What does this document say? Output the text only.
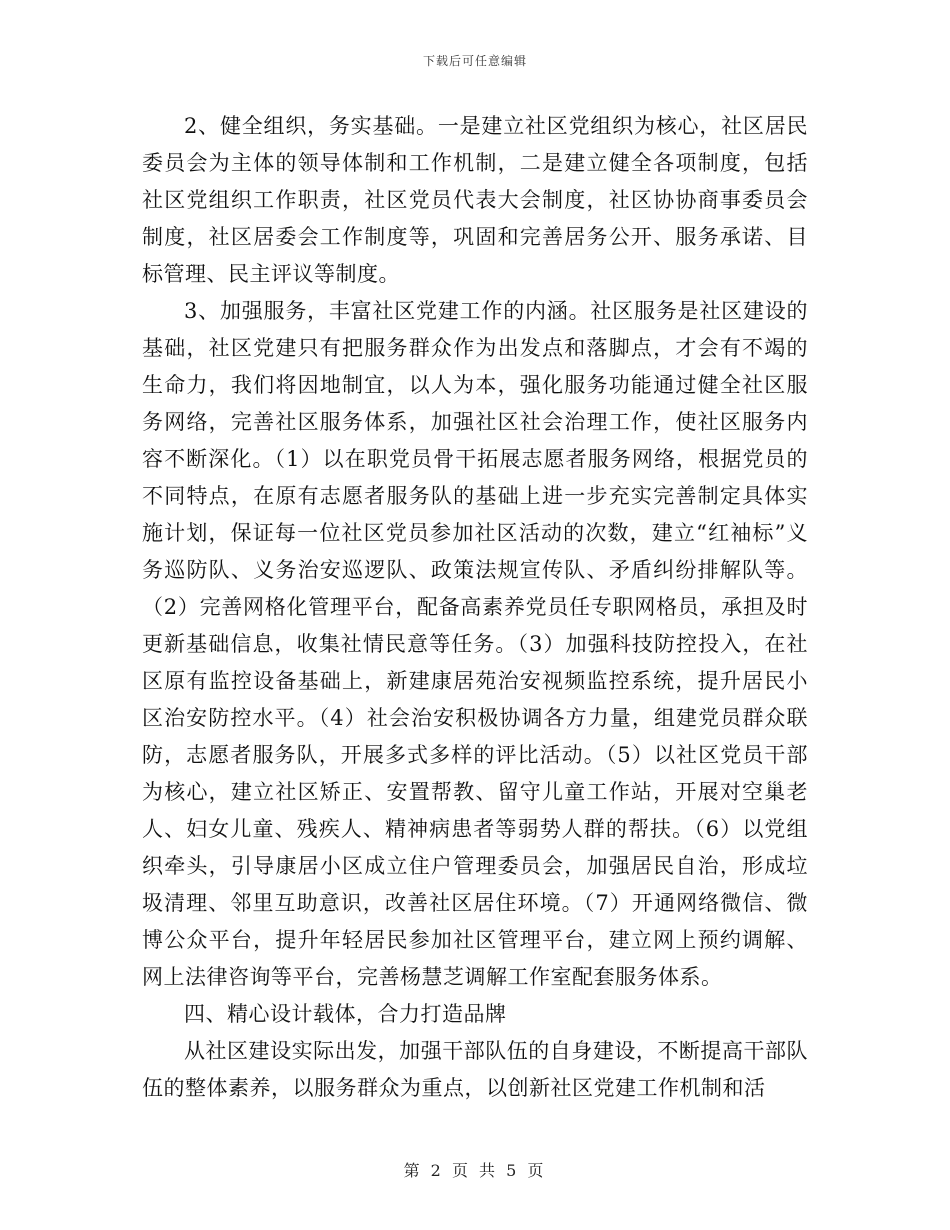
下载后可任意编辑

2、健全组织，务实基础。一是建立社区党组织为核心，社区居民委员会为主体的领导体制和工作机制，二是建立健全各项制度，包括社区党组织工作职责，社区党员代表大会制度，社区协协商事委员会制度，社区居委会工作制度等，巩固和完善居务公开、服务承诺、目标管理、民主评议等制度。

3、加强服务，丰富社区党建工作的内涵。社区服务是社区建设的基础，社区党建只有把服务群众作为出发点和落脚点，才会有不竭的生命力，我们将因地制宜，以人为本，强化服务功能通过健全社区服务网络，完善社区服务体系，加强社区社会治理工作，使社区服务内容不断深化。（1）以在职党员骨干拓展志愿者服务网络，根据党员的不同特点，在原有志愿者服务队的基础上进一步充实完善制定具体实施计划，保证每一位社区党员参加社区活动的次数，建立“红袖标”义务巡防队、义务治安巡逻队、政策法规宣传队、矛盾纠纷排解队等。（2）完善网格化管理平台，配备高素养党员任专职网格员，承担及时更新基础信息，收集社情民意等任务。（3）加强科技防控投入，在社区原有监控设备基础上，新建康居苑治安视频监控系统，提升居民小区治安防控水平。（4）社会治安积极协调各方力量，组建党员群众联防，志愿者服务队，开展多式多样的评比活动。（5）以社区党员干部为核心，建立社区矫正、安置帮教、留守儿童工作站，开展对空巢老人、妇女儿童、残疾人、精神病患者等弱势人群的帮扶。（6）以党组织牵头，引导康居小区成立住户管理委员会，加强居民自治，形成垃圾清理、邻里互助意识，改善社区居住环境。（7）开通网络微信、微博公众平台，提升年轻居民参加社区管理平台，建立网上预约调解、网上法律咨询等平台，完善杨慧芝调解工作室配套服务体系。

四、精心设计载体，合力打造品牌

从社区建设实际出发，加强干部队伍的自身建设，不断提高干部队伍的整体素养，以服务群众为重点，以创新社区党建工作机制和活

第 2 页 共 5 页
